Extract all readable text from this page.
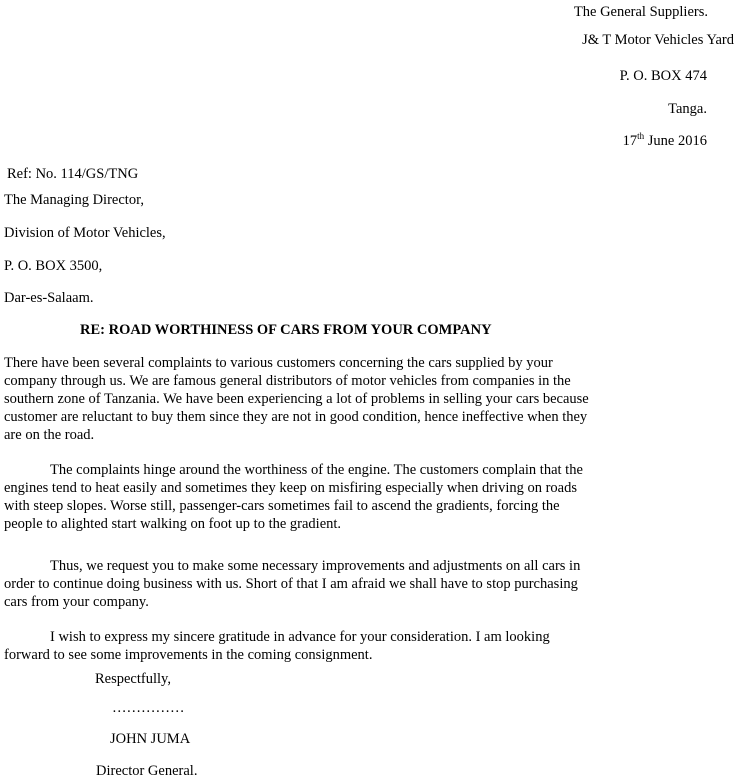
The General Suppliers.
J& T Motor Vehicles Yard
P. O. BOX 474
Tanga.
17th June 2016
Ref: No. 114/GS/TNG
The Managing Director,
Division of Motor Vehicles,
P. O. BOX 3500,
Dar-es-Salaam.
RE: ROAD WORTHINESS OF CARS FROM YOUR COMPANY
There have been several complaints to various customers concerning the cars supplied by your company through us. We are famous general distributors of motor vehicles from companies in the southern zone of Tanzania. We have been experiencing a lot of problems in selling your cars because customer are reluctant to buy them since they are not in good condition, hence ineffective when they are on the road.
The complaints hinge around the worthiness of the engine. The customers complain that the engines tend to heat easily and sometimes they keep on misfiring especially when driving on roads with steep slopes. Worse still, passenger-cars sometimes fail to ascend the gradients, forcing the people to alighted start walking on foot up to the gradient.
Thus, we request you to make some necessary improvements and adjustments on all cars in order to continue doing business with us. Short of that I am afraid we shall have to stop purchasing cars from your company.
I wish to express my sincere gratitude in advance for your consideration. I am looking forward to see some improvements in the coming consignment.
Respectfully,
……………
JOHN JUMA
Director General.
